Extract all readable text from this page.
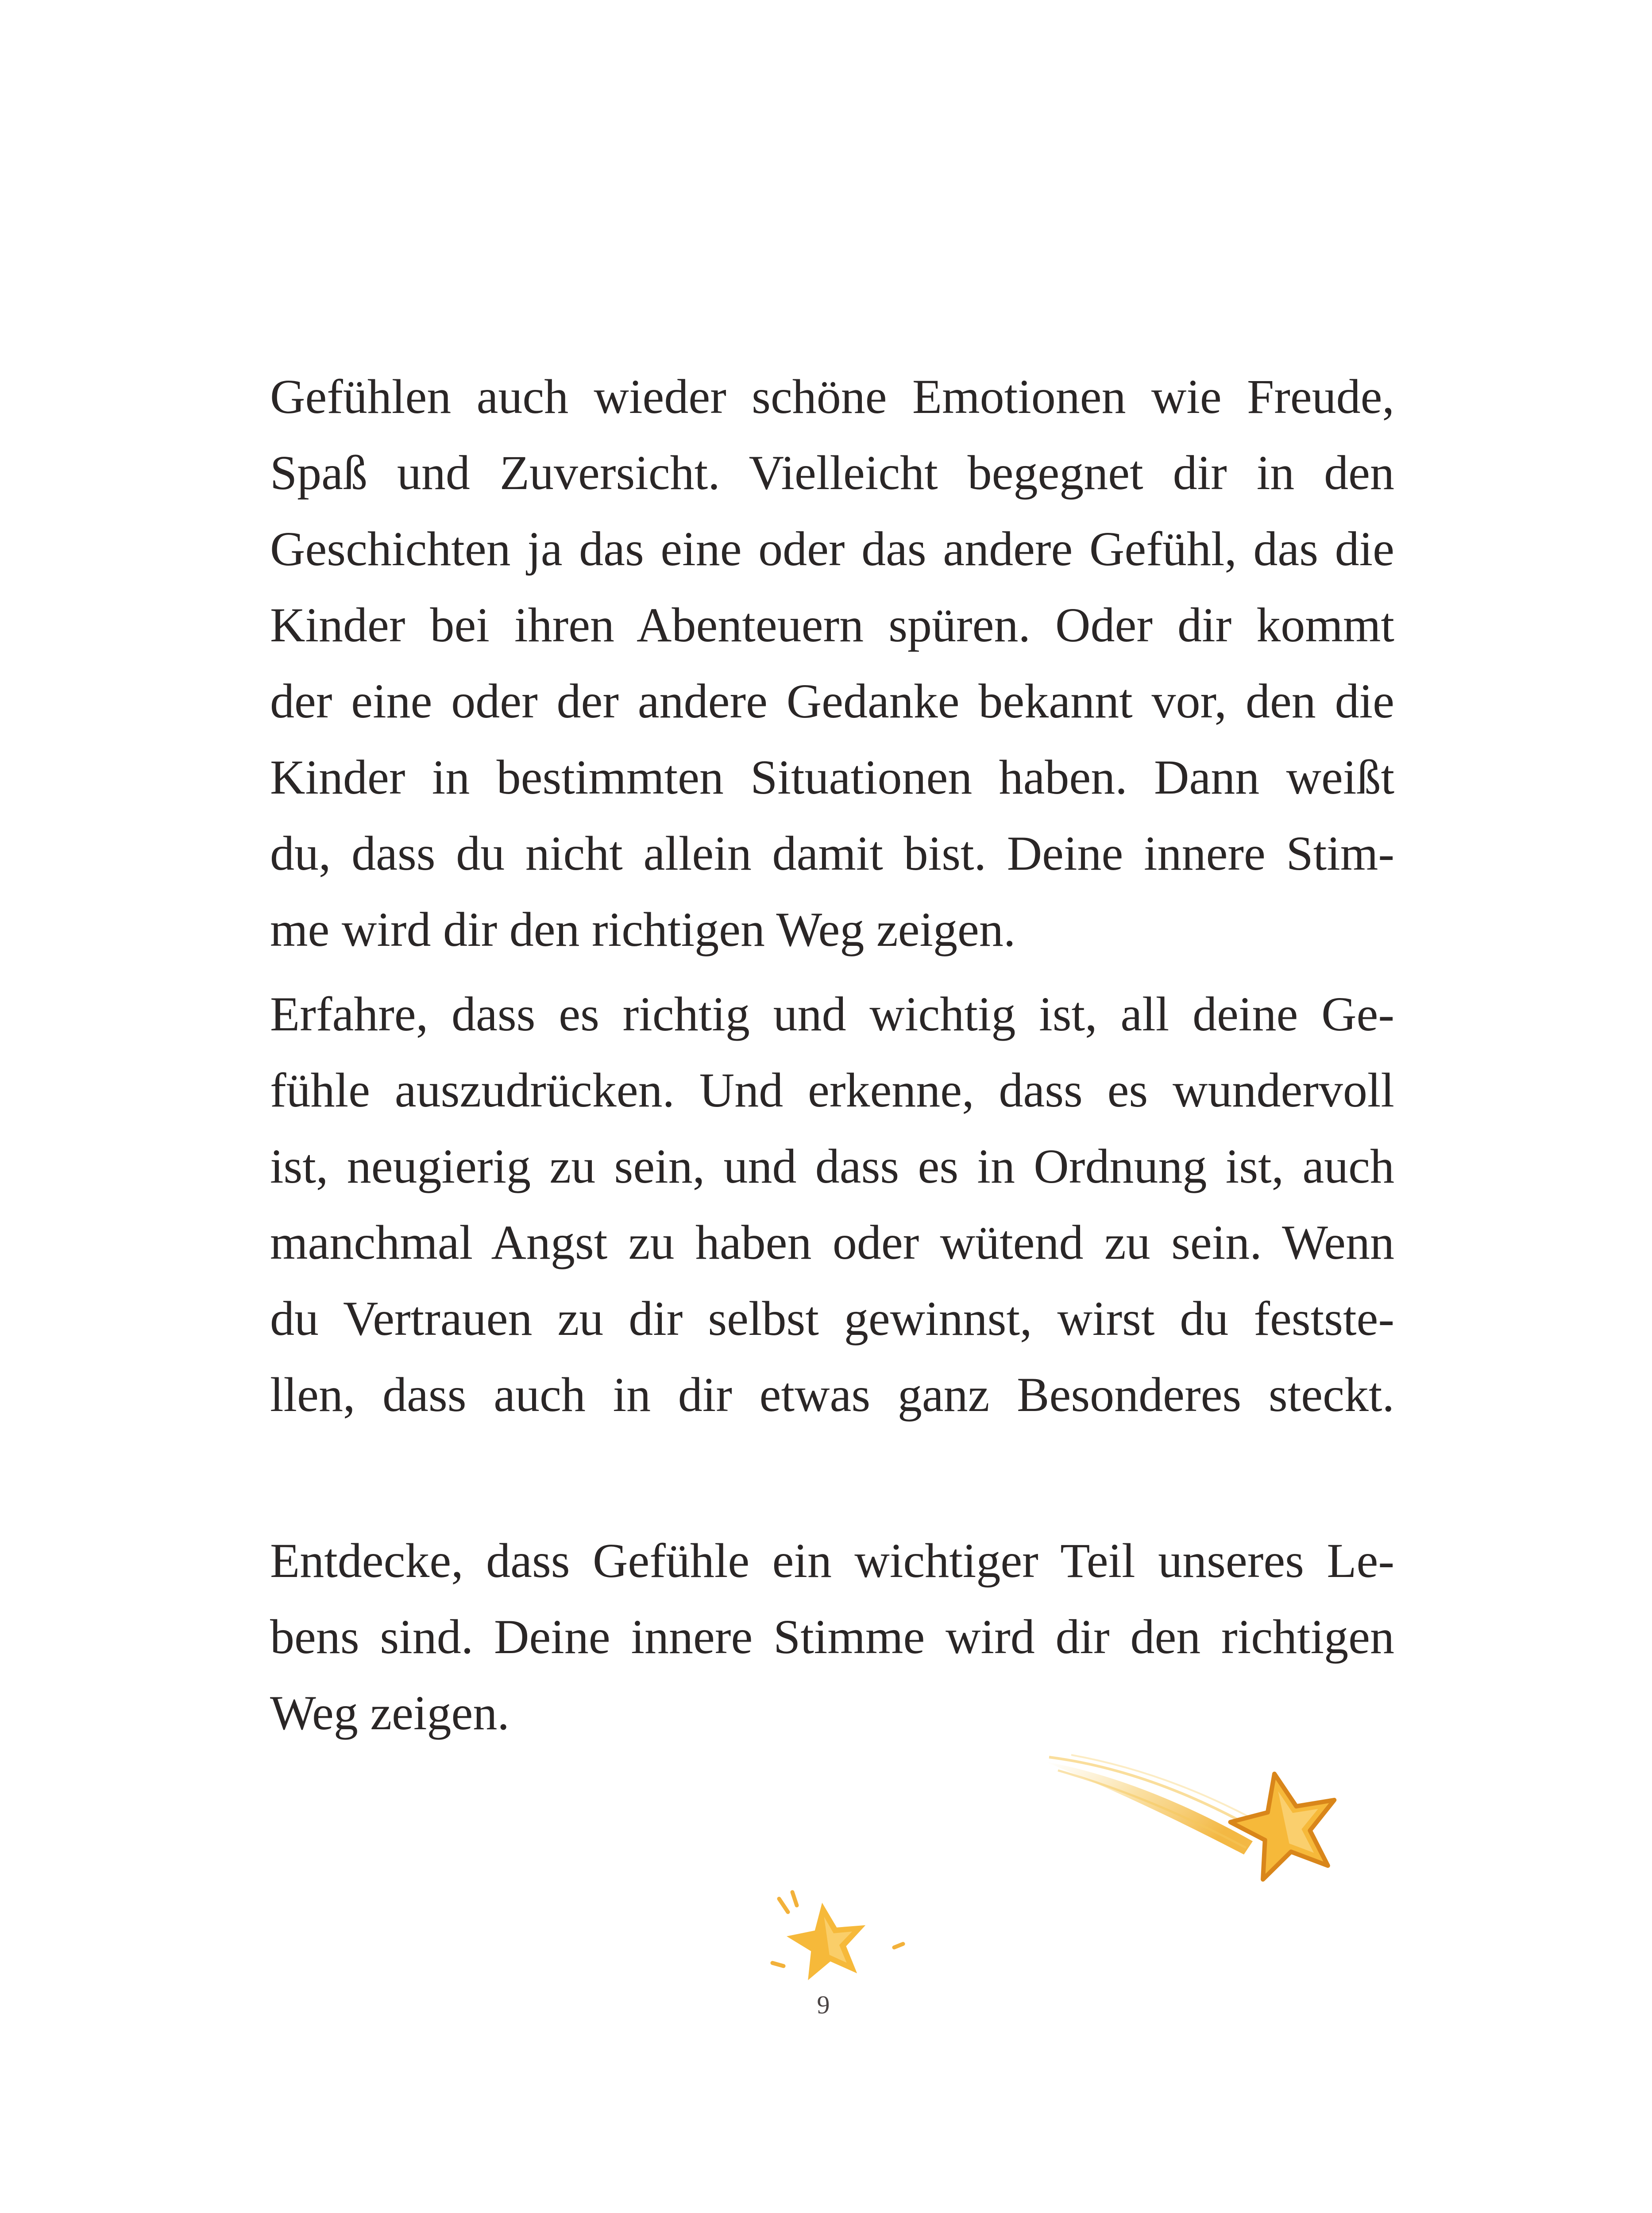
Gefühlen auch wieder schöne Emotionen wie Freude,
Spaß und Zuversicht. Vielleicht begegnet dir in den
Geschichten ja das eine oder das andere Gefühl, das die
Kinder bei ihren Abenteuern spüren. Oder dir kommt
der eine oder der andere Gedanke bekannt vor, den die
Kinder in bestimmten Situationen haben. Dann weißt
du, dass du nicht allein damit bist. Deine innere Stim-
me wird dir den richtigen Weg zeigen.
Erfahre, dass es richtig und wichtig ist, all deine Ge-
fühle auszudrücken. Und erkenne, dass es wundervoll
ist, neugierig zu sein, und dass es in Ordnung ist, auch
manchmal Angst zu haben oder wütend zu sein. Wenn
du Vertrauen zu dir selbst gewinnst, wirst du festste-
llen, dass auch in dir etwas ganz Besonderes steckt.
Entdecke, dass Gefühle ein wichtiger Teil unseres Le-
bens sind. Deine innere Stimme wird dir den richtigen
Weg zeigen.
9
